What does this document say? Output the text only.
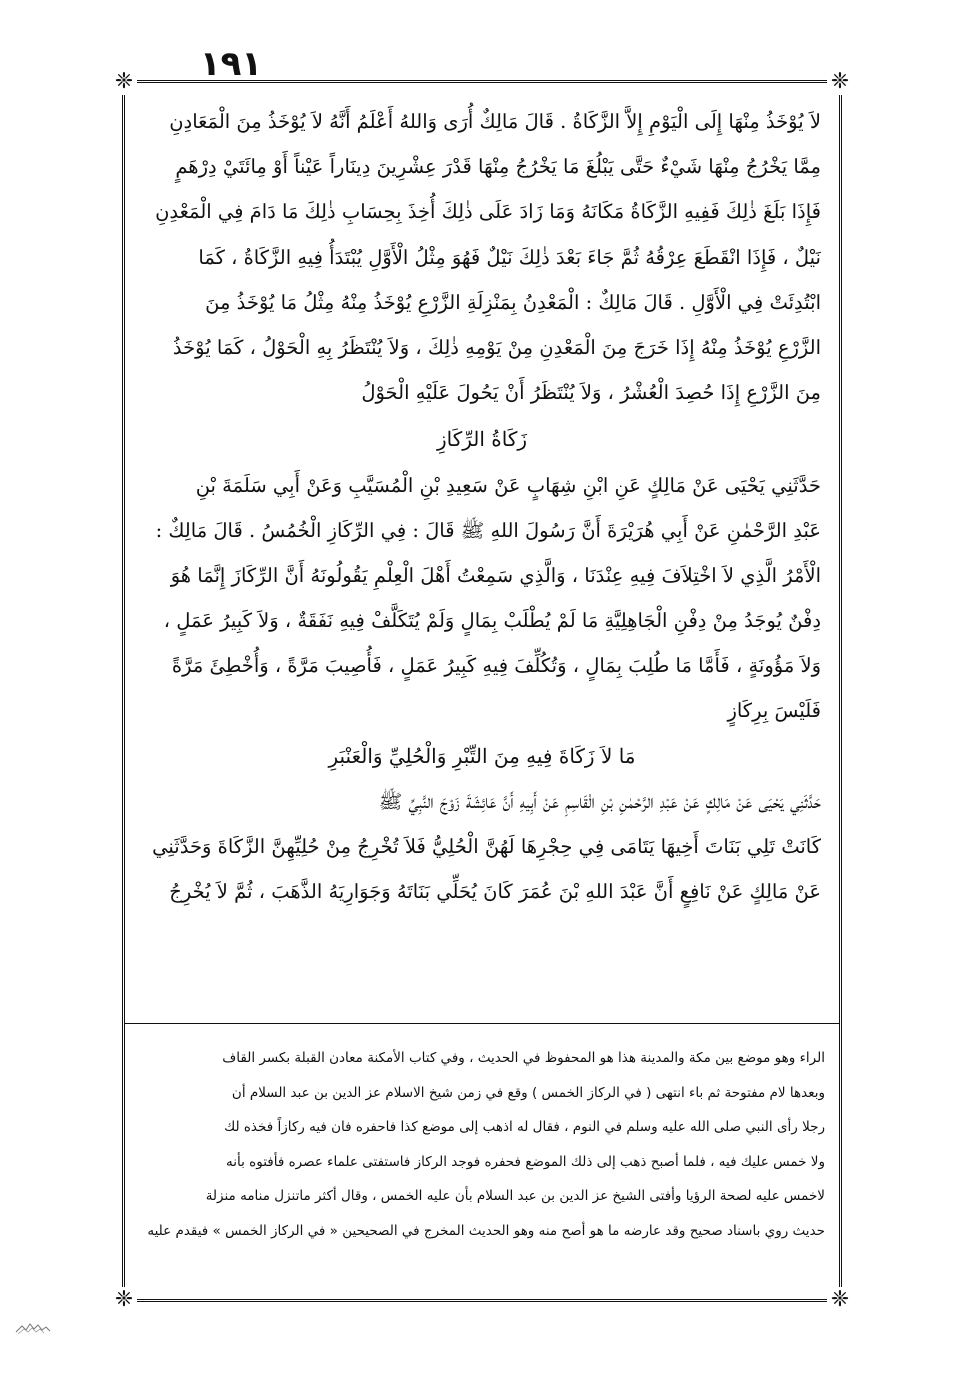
١٩١
❈	❈
❈	❈
لاَ يُوْخَذُ مِنْهَا إِلَى الْيَوْمِ إِلاَّ الزَّكَاةُ . قَالَ مَالِكٌ أُرَى وَاللهُ أَعْلَمُ أَنَّهُ لاَ يُوْخَذُ مِنَ الْمَعَادِنِ
مِمَّا يَخْرُجُ مِنْهَا شَيْءٌ حَتَّى يَبْلُغَ مَا يَخْرُجُ مِنْهَا قَدْرَ عِشْرِينَ دِينَاراً عَيْناً أَوْ مِائَتَيْ دِرْهَمٍ
فَإِذَا بَلَغَ ذٰلِكَ فَفِيهِ الزَّكَاةُ مَكَانَهُ وَمَا زَادَ عَلَى ذٰلِكَ أُخِذَ بِحِسَابِ ذٰلِكَ مَا دَامَ فِي الْمَعْدِنِ
نَيْلٌ ، فَإِذَا انْقَطَعَ عِرْقُهُ ثُمَّ جَاءَ بَعْدَ ذٰلِكَ نَيْلٌ فَهُوَ مِثْلُ الْأَوَّلِ يُبْتَدَأُ فِيهِ الزَّكَاةُ ، كَمَا
ابْتُدِئَتْ فِي الْأَوَّلِ . قَالَ مَالِكٌ : الْمَعْدِنُ بِمَنْزِلَةِ الزَّرْعِ يُوْخَذُ مِنْهُ مِثْلُ مَا يُوْخَذُ مِنَ
الزَّرْعِ يُوْخَذُ مِنْهُ إِذَا خَرَجَ مِنَ الْمَعْدِنِ مِنْ يَوْمِهِ ذٰلِكَ ، وَلاَ يُنْتَظَرُ بِهِ الْحَوْلُ ، كَمَا يُوْخَذُ
مِنَ الزَّرْعِ إِذَا حُصِدَ الْعُشْرُ ، وَلاَ يُنْتَظَرُ أَنْ يَحُولَ عَلَيْهِ الْحَوْلُ
زَكَاةُ الرِّكَازِ
حَدَّثَنِي يَحْيَى عَنْ مَالِكٍ عَنِ ابْنِ شِهَابٍ عَنْ سَعِيدِ بْنِ الْمُسَيَّبِ وَعَنْ أَبِي سَلَمَةَ بْنِ
عَبْدِ الرَّحْمٰنِ عَنْ أَبِي هُرَيْرَةَ أَنَّ رَسُولَ اللهِ ﷺ قَالَ : فِي الرِّكَازِ الْخُمُسُ . قَالَ مَالِكٌ :
الْأَمْرُ الَّذِي لاَ اخْتِلاَفَ فِيهِ عِنْدَنَا ، وَالَّذِي سَمِعْتُ أَهْلَ الْعِلْمِ يَقُولُونَهُ أَنَّ الرِّكَازَ إِنَّمَا هُوَ
دِفْنٌ يُوجَدُ مِنْ دِفْنِ الْجَاهِلِيَّةِ مَا لَمْ يُطْلَبْ بِمَالٍ وَلَمْ يُتَكَلَّفْ فِيهِ نَفَقَةٌ ، وَلاَ كَبِيرُ عَمَلٍ ،
وَلاَ مَؤُونَةٍ ، فَأَمَّا مَا طُلِبَ بِمَالٍ ، وَتُكُلِّفَ فِيهِ كَبِيرُ عَمَلٍ ، فَأُصِيبَ مَرَّةً ، وَأُخْطِئَ مَرَّةً
فَلَيْسَ بِرِكَازٍ
مَا لاَ زَكَاةَ فِيهِ مِنَ التِّبْرِ وَالْحُلِيِّ وَالْعَنْبَرِ
حَدَّثَنِي يَحْيَى عَنْ مَالِكٍ عَنْ عَبْدِ الرَّحْمٰنِ بْنِ الْقَاسِمِ عَنْ أَبِيهِ أَنَّ عَائِشَةَ زَوْجَ النَّبِيِّ ﷺ
كَانَتْ تَلِي بَنَاتَ أَخِيهَا يَتَامَى فِي حِجْرِهَا لَهُنَّ الْحُلِيُّ فَلاَ تُخْرِجُ مِنْ حُلِيِّهِنَّ الزَّكَاةَ وَحَدَّثَنِي
عَنْ مَالِكٍ عَنْ نَافِعٍ أَنَّ عَبْدَ اللهِ بْنَ عُمَرَ كَانَ يُحَلِّي بَنَاتَهُ وَجَوَارِيَهُ الذَّهَبَ ، ثُمَّ لاَ يُخْرِجُ
الراء وهو موضع بين مكة والمدينة هذا هو المحفوظ في الحديث ، وفي كتاب الأمكنة معادن القبلة بكسر القاف
وبعدها لام مفتوحة ثم باء انتهى ( في الركاز الخمس ) وقع في زمن شيخ الاسلام عز الدين بن عبد السلام أن
رجلا رأى النبي صلى الله عليه وسلم في النوم ، فقال له اذهب إلى موضع كذا فاحفره فان فيه ركازاً فخذه لك
ولا خمس عليك فيه ، فلما أصبح ذهب إلى ذلك الموضع فحفره فوجد الركاز فاستفتى علماء عصره فأفتوه بأنه
لاخمس عليه لصحة الرؤيا وأفتى الشيخ عز الدين بن عبد السلام بأن عليه الخمس ، وقال أكثر ماتنزل منامه منزلة
حديث روي باسناد صحيح وقد عارضه ما هو أصح منه وهو الحديث المخرج في الصحيحين « في الركاز الخمس » فيقدم عليه
